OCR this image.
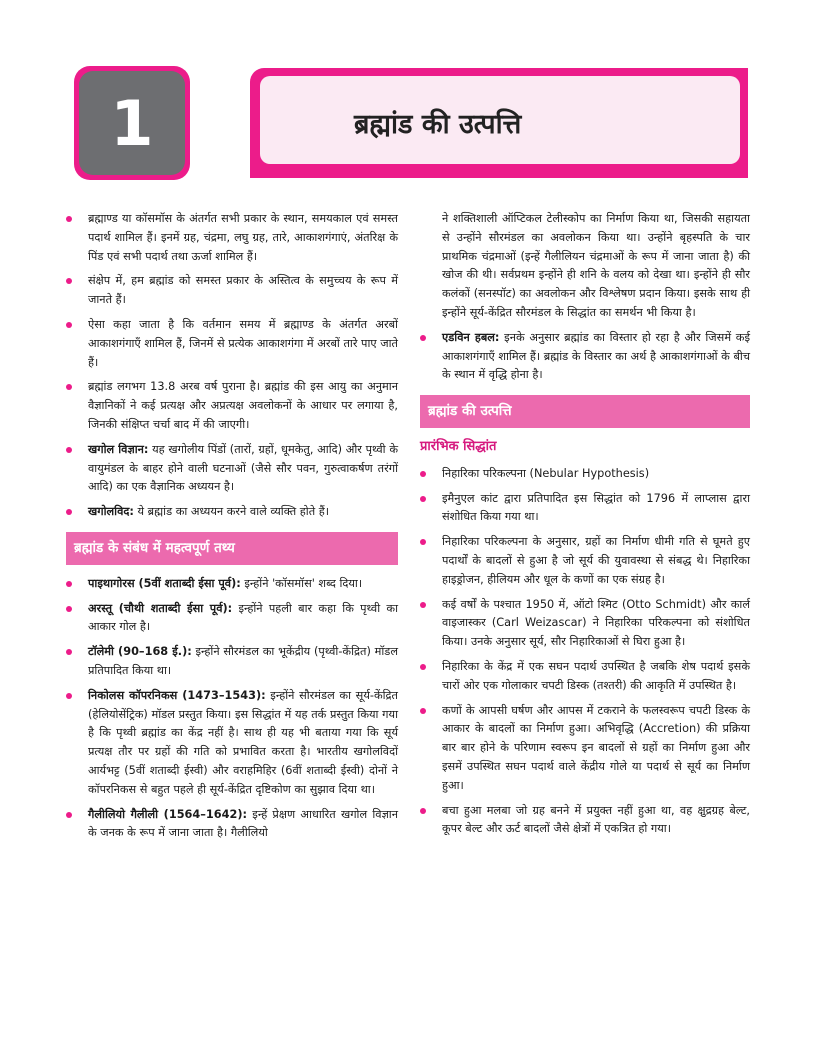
1	ब्रह्मांड की उत्पत्ति
ब्रह्माण्ड या कॉसमॉस के अंतर्गत सभी प्रकार के स्थान, समयकाल एवं समस्त पदार्थ शामिल हैं। इनमें ग्रह, चंद्रमा, लघु ग्रह, तारे, आकाशगंगाएं, अंतरिक्ष के पिंड एवं सभी पदार्थ तथा ऊर्जा शामिल हैं।
संक्षेप में, हम ब्रह्मांड को समस्त प्रकार के अस्तित्व के समुच्चय के रूप में जानते हैं।
ऐसा कहा जाता है कि वर्तमान समय में ब्रह्माण्ड के अंतर्गत अरबों आकाशगंगाएँ शामिल हैं, जिनमें से प्रत्येक आकाशगंगा में अरबों तारे पाए जाते हैं।
ब्रह्मांड लगभग 13.8 अरब वर्ष पुराना है। ब्रह्मांड की इस आयु का अनुमान वैज्ञानिकों ने कई प्रत्यक्ष और अप्रत्यक्ष अवलोकनों के आधार पर लगाया है, जिनकी संक्षिप्त चर्चा बाद में की जाएगी।
खगोल विज्ञान: यह खगोलीय पिंडों (तारों, ग्रहों, धूमकेतु, आदि) और पृथ्वी के वायुमंडल के बाहर होने वाली घटनाओं (जैसे सौर पवन, गुरुत्वाकर्षण तरंगों आदि) का एक वैज्ञानिक अध्ययन है।
खगोलविद: ये ब्रह्मांड का अध्ययन करने वाले व्यक्ति होते हैं।
ब्रह्मांड के संबंध में महत्वपूर्ण तथ्य
पाइथागोरस (5वीं शताब्दी ईसा पूर्व): इन्होंने 'कॉसमॉस' शब्द दिया।
अरस्तू (चौथी शताब्दी ईसा पूर्व): इन्होंने पहली बार कहा कि पृथ्वी का आकार गोल है।
टॉलेमी (90–168 ई.): इन्होंने सौरमंडल का भूकेंद्रीय (पृथ्वी-केंद्रित) मॉडल प्रतिपादित किया था।
निकोलस कॉपरनिकस (1473–1543): इन्होंने सौरमंडल का सूर्य-केंद्रित (हेलियोसेंट्रिक) मॉडल प्रस्तुत किया। इस सिद्धांत में यह तर्क प्रस्तुत किया गया है कि पृथ्वी ब्रह्मांड का केंद्र नहीं है। साथ ही यह भी बताया गया कि सूर्य प्रत्यक्ष तौर पर ग्रहों की गति को प्रभावित करता है। भारतीय खगोलविदों आर्यभट्ट (5वीं शताब्दी ईस्वी) और वराहमिहिर (6वीं शताब्दी ईस्वी) दोनों ने कॉपरनिकस से बहुत पहले ही सूर्य-केंद्रित दृष्टिकोण का सुझाव दिया था।
गैलीलियो गैलीली (1564–1642): इन्हें प्रेक्षण आधारित खगोल विज्ञान के जनक के रूप में जाना जाता है। गैलीलियो
ने शक्तिशाली ऑप्टिकल टेलीस्कोप का निर्माण किया था, जिसकी सहायता से उन्होंने सौरमंडल का अवलोकन किया था। उन्होंने बृहस्पति के चार प्राथमिक चंद्रमाओं (इन्हें गैलीलियन चंद्रमाओं के रूप में जाना जाता है) की खोज की थी। सर्वप्रथम इन्होंने ही शनि के वलय को देखा था। इन्होंने ही सौर कलंकों (सनस्पॉट) का अवलोकन और विश्लेषण प्रदान किया। इसके साथ ही इन्होंने सूर्य-केंद्रित सौरमंडल के सिद्धांत का समर्थन भी किया है।
एडविन हबल: इनके अनुसार ब्रह्मांड का विस्तार हो रहा है और जिसमें कई आकाशगंगाएँ शामिल हैं। ब्रह्मांड के विस्तार का अर्थ है आकाशगंगाओं के बीच के स्थान में वृद्धि होना है।
ब्रह्मांड की उत्पत्ति
प्रारंभिक सिद्धांत
निहारिका परिकल्पना (Nebular Hypothesis)
इमैनुएल कांट द्वारा प्रतिपादित इस सिद्धांत को 1796 में लाप्लास द्वारा संशोधित किया गया था।
निहारिका परिकल्पना के अनुसार, ग्रहों का निर्माण धीमी गति से घूमते हुए पदार्थों के बादलों से हुआ है जो सूर्य की युवावस्था से संबद्ध थे। निहारिका हाइड्रोजन, हीलियम और धूल के कणों का एक संग्रह है।
कई वर्षों के पश्चात 1950 में, ऑटो श्मिट (Otto Schmidt) और कार्ल वाइजास्कर (Carl Weizascar) ने निहारिका परिकल्पना को संशोधित किया। उनके अनुसार सूर्य, सौर निहारिकाओं से घिरा हुआ है।
निहारिका के केंद्र में एक सघन पदार्थ उपस्थित है जबकि शेष पदार्थ इसके चारों ओर एक गोलाकार चपटी डिस्क (तश्तरी) की आकृति में उपस्थित है।
कणों के आपसी घर्षण और आपस में टकराने के फलस्वरूप चपटी डिस्क के आकार के बादलों का निर्माण हुआ। अभिवृद्धि (Accretion) की प्रक्रिया बार बार होने के परिणाम स्वरूप इन बादलों से ग्रहों का निर्माण हुआ और इसमें उपस्थित सघन पदार्थ वाले केंद्रीय गोले या पदार्थ से सूर्य का निर्माण हुआ।
बचा हुआ मलबा जो ग्रह बनने में प्रयुक्त नहीं हुआ था, वह क्षुद्रग्रह बेल्ट, कूपर बेल्ट और ऊर्ट बादलों जैसे क्षेत्रों में एकत्रित हो गया।
